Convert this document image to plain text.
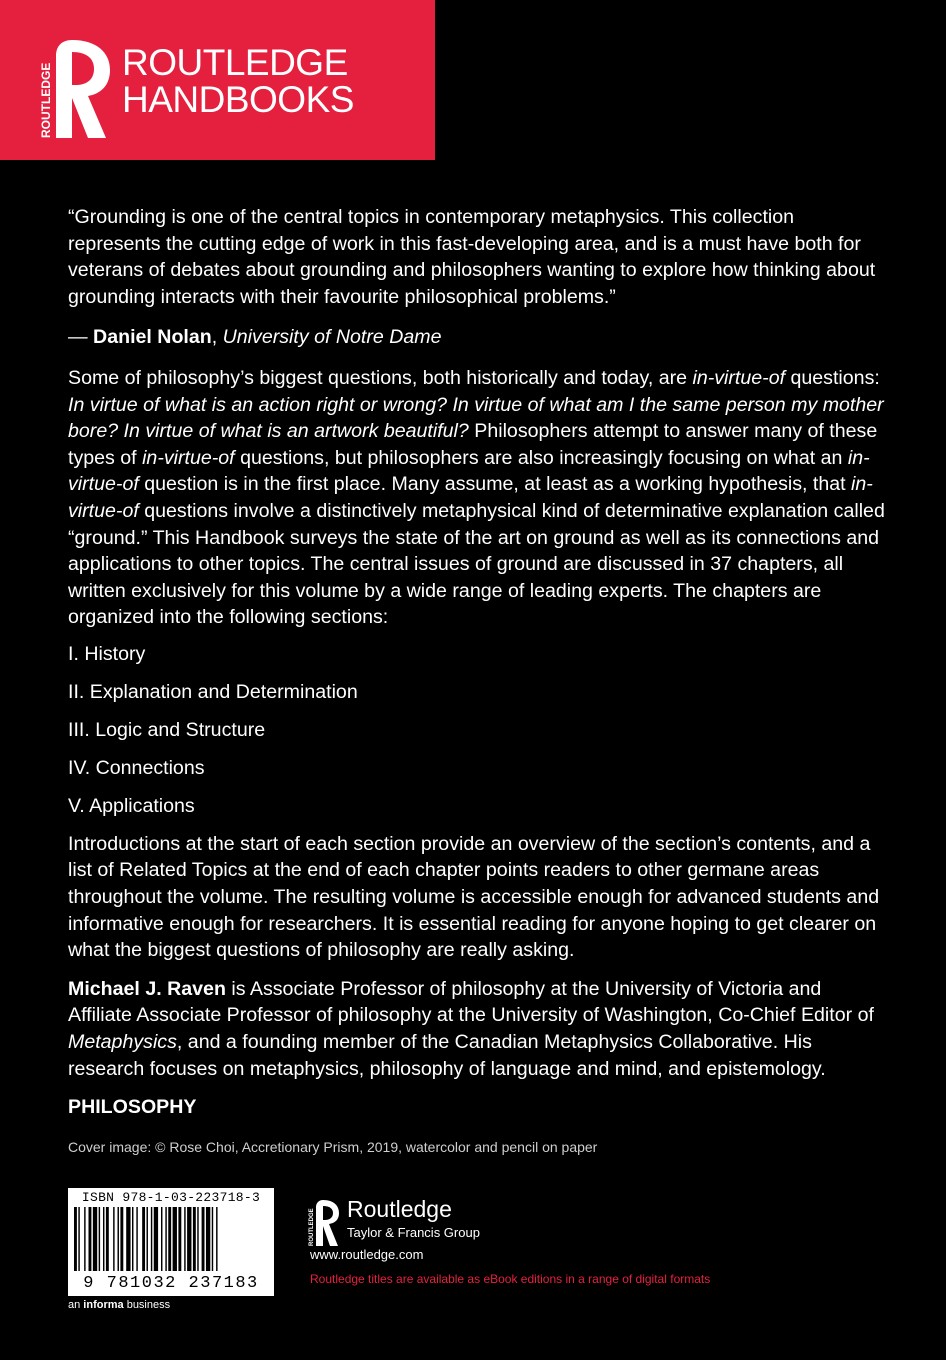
ROUTLEDGE
ROUTLEDGE
HANDBOOKS

“Grounding is one of the central topics in contemporary metaphysics. This collection represents the cutting edge of work in this fast-developing area, and is a must have both for veterans of debates about grounding and philosophers wanting to explore how thinking about grounding interacts with their favourite philosophical problems.”

— Daniel Nolan, University of Notre Dame

Some of philosophy’s biggest questions, both historically and today, are in-virtue-of questions: In virtue of what is an action right or wrong? In virtue of what am I the same person my mother bore? In virtue of what is an artwork beautiful? Philosophers attempt to answer many of these types of in-virtue-of questions, but philosophers are also increasingly focusing on what an in-virtue-of question is in the first place. Many assume, at least as a working hypothesis, that in-virtue-of questions involve a distinctively metaphysical kind of determinative explanation called “ground.” This Handbook surveys the state of the art on ground as well as its connections and applications to other topics. The central issues of ground are discussed in 37 chapters, all written exclusively for this volume by a wide range of leading experts. The chapters are organized into the following sections:

I. History
II. Explanation and Determination
III. Logic and Structure
IV. Connections
V. Applications

Introductions at the start of each section provide an overview of the section’s contents, and a list of Related Topics at the end of each chapter points readers to other germane areas throughout the volume. The resulting volume is accessible enough for advanced students and informative enough for researchers. It is essential reading for anyone hoping to get clearer on what the biggest questions of philosophy are really asking.

Michael J. Raven is Associate Professor of philosophy at the University of Victoria and Affiliate Associate Professor of philosophy at the University of Washington, Co-Chief Editor of Metaphysics, and a founding member of the Canadian Metaphysics Collaborative. His research focuses on metaphysics, philosophy of language and mind, and epistemology.

PHILOSOPHY
Cover image: © Rose Choi, Accretionary Prism, 2019, watercolor and pencil on paper
ISBN 978-1-03-223718-3
9 781032 237183
an informa business
ROUTLEDGE Routledge
Taylor & Francis Group
www.routledge.com
Routledge titles are available as eBook editions in a range of digital formats
